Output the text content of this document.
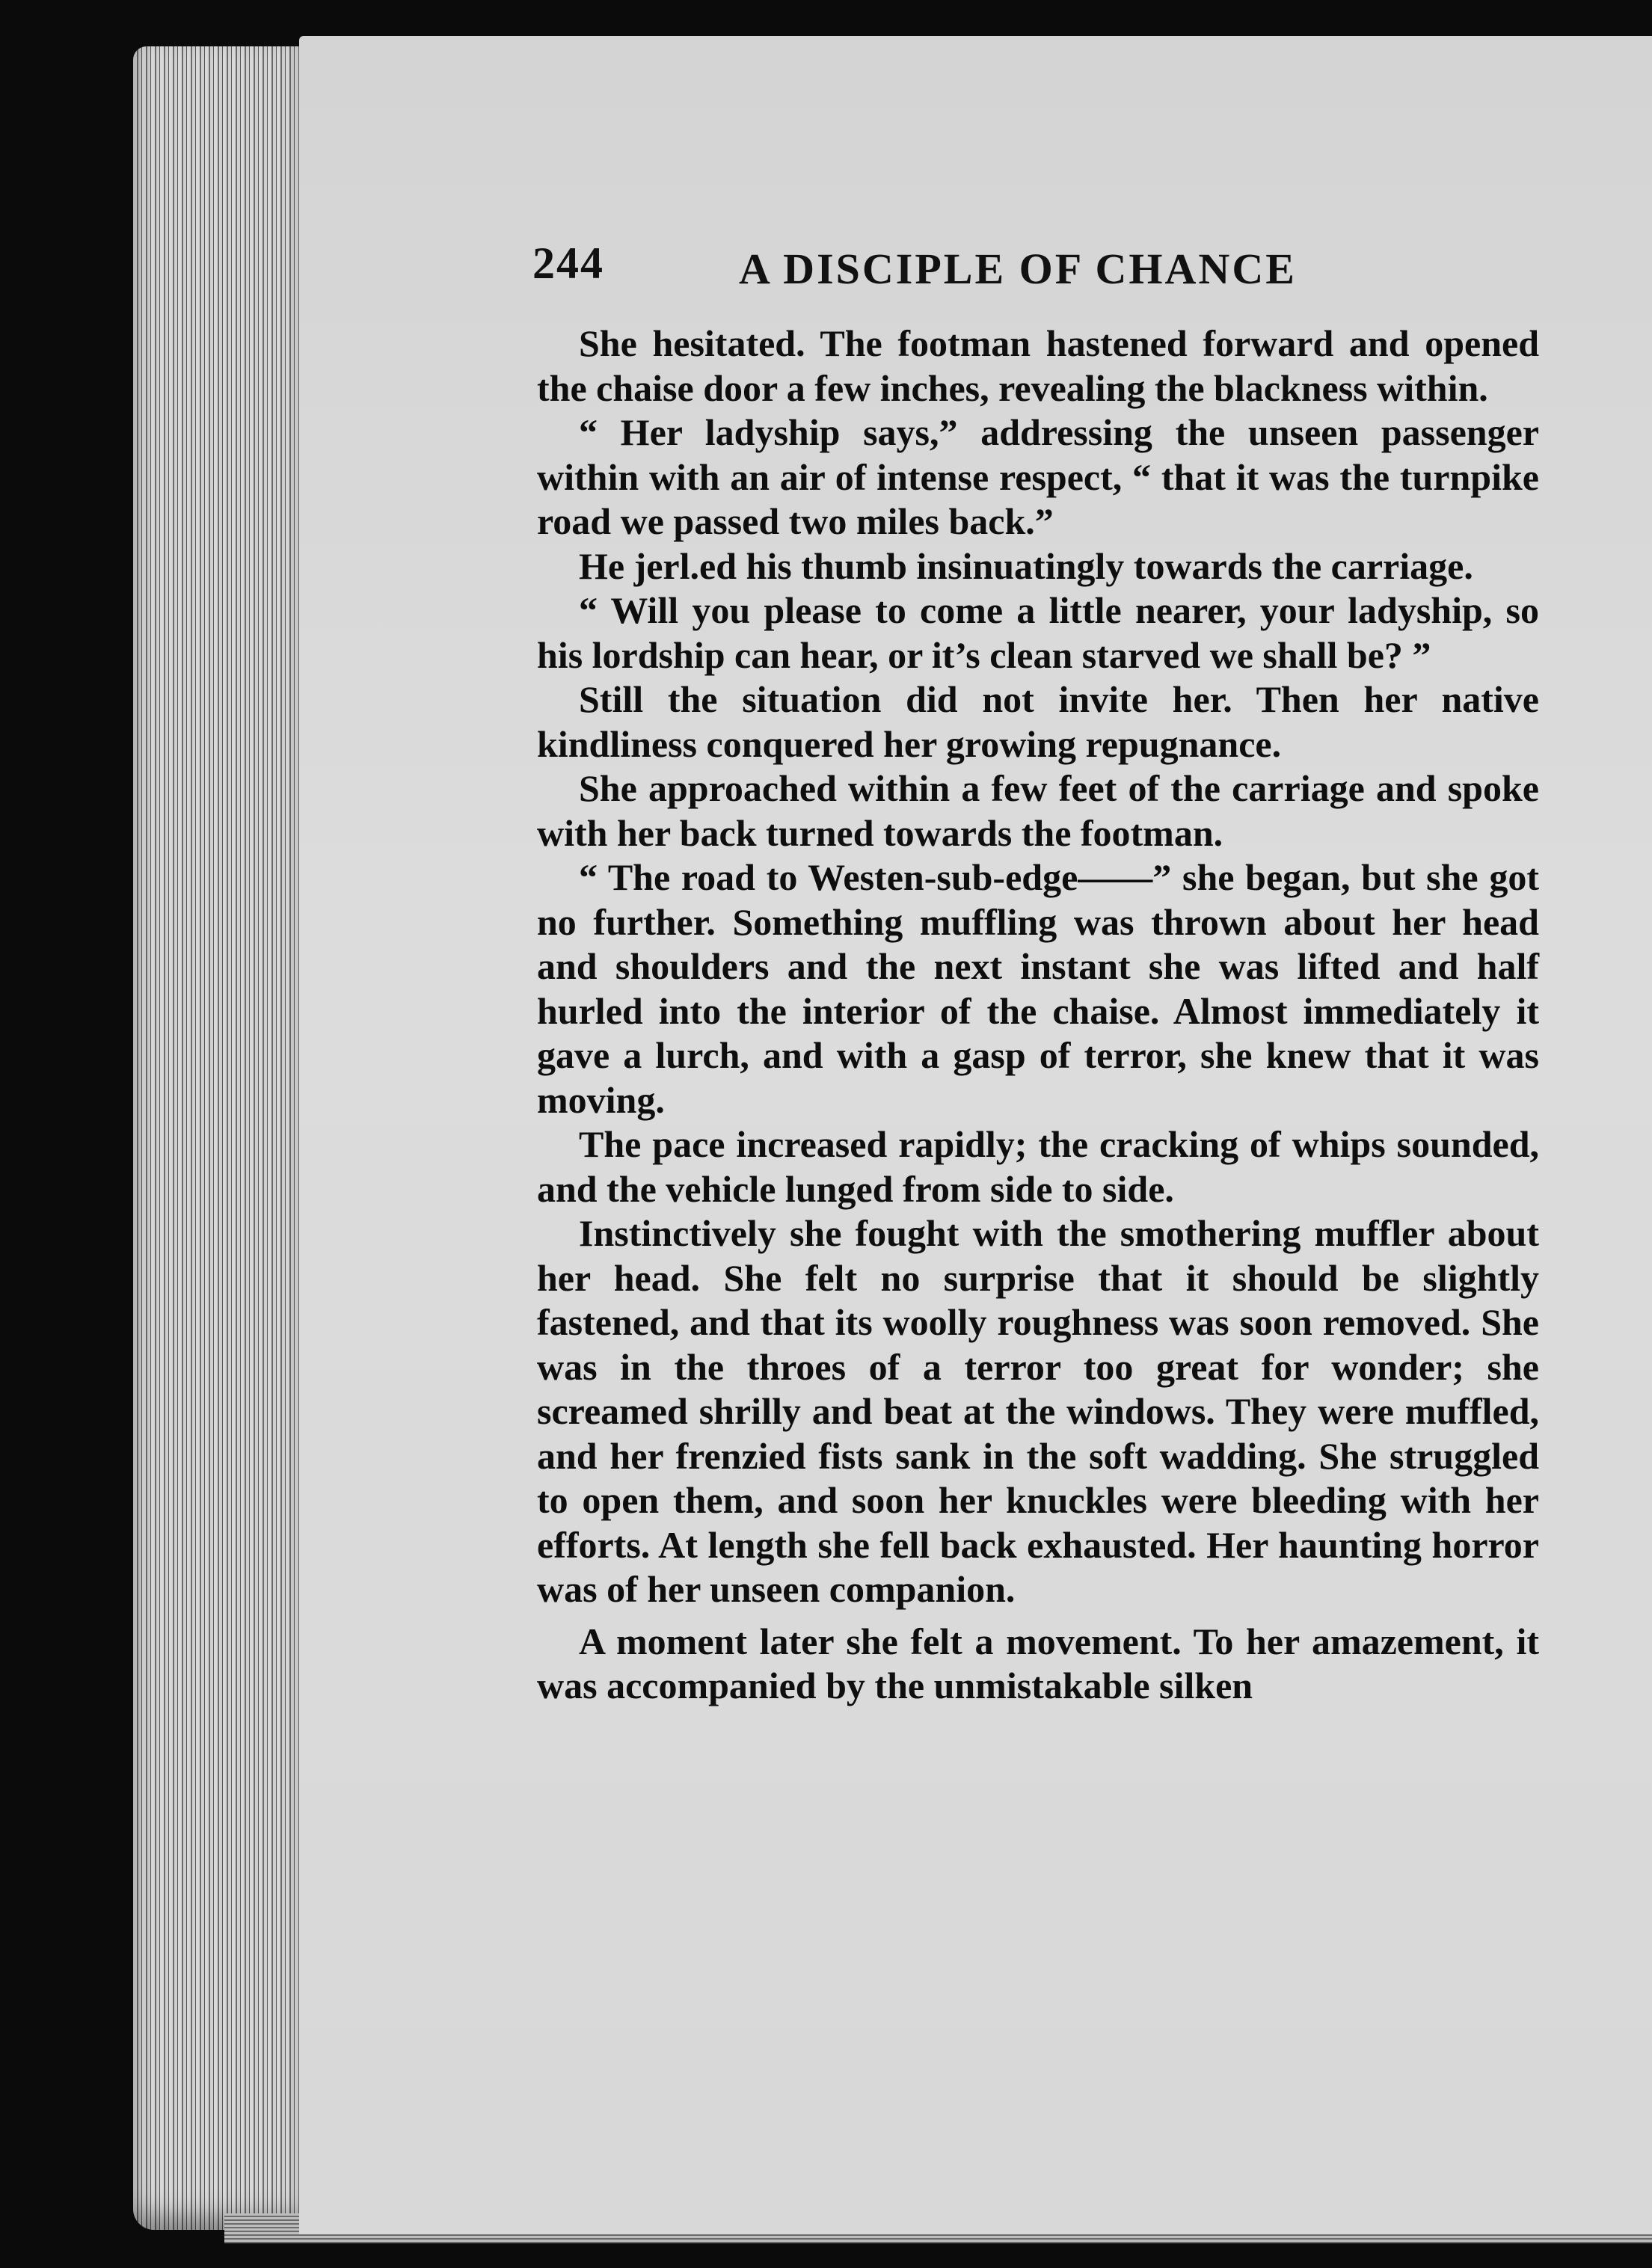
244	A DISCIPLE OF CHANCE

She hesitated. The footman hastened forward and opened the chaise door a few inches, revealing the blackness within.

“ Her ladyship says,” addressing the unseen passenger within with an air of intense respect, “ that it was the turnpike road we passed two miles back.”

He jerl.ed his thumb insinuatingly towards the carriage.

“ Will you please to come a little nearer, your ladyship, so his lordship can hear, or it’s clean starved we shall be? ”

Still the situation did not invite her. Then her native kindliness conquered her growing repugnance.

She approached within a few feet of the carriage and spoke with her back turned towards the footman.

“ The road to Westen-sub-edge——” she began, but she got no further. Something muffling was thrown about her head and shoulders and the next instant she was lifted and half hurled into the interior of the chaise. Almost immediately it gave a lurch, and with a gasp of terror, she knew that it was moving.

The pace increased rapidly; the cracking of whips sounded, and the vehicle lunged from side to side.

Instinctively she fought with the smothering muffler about her head. She felt no surprise that it should be slightly fastened, and that its woolly roughness was soon removed. She was in the throes of a terror too great for wonder; she screamed shrilly and beat at the windows. They were muffled, and her frenzied fists sank in the soft wadding. She struggled to open them, and soon her knuckles were bleeding with her efforts. At length she fell back exhausted. Her haunting horror was of her unseen companion.

A moment later she felt a movement. To her amazement, it was accompanied by the unmistakable silken
